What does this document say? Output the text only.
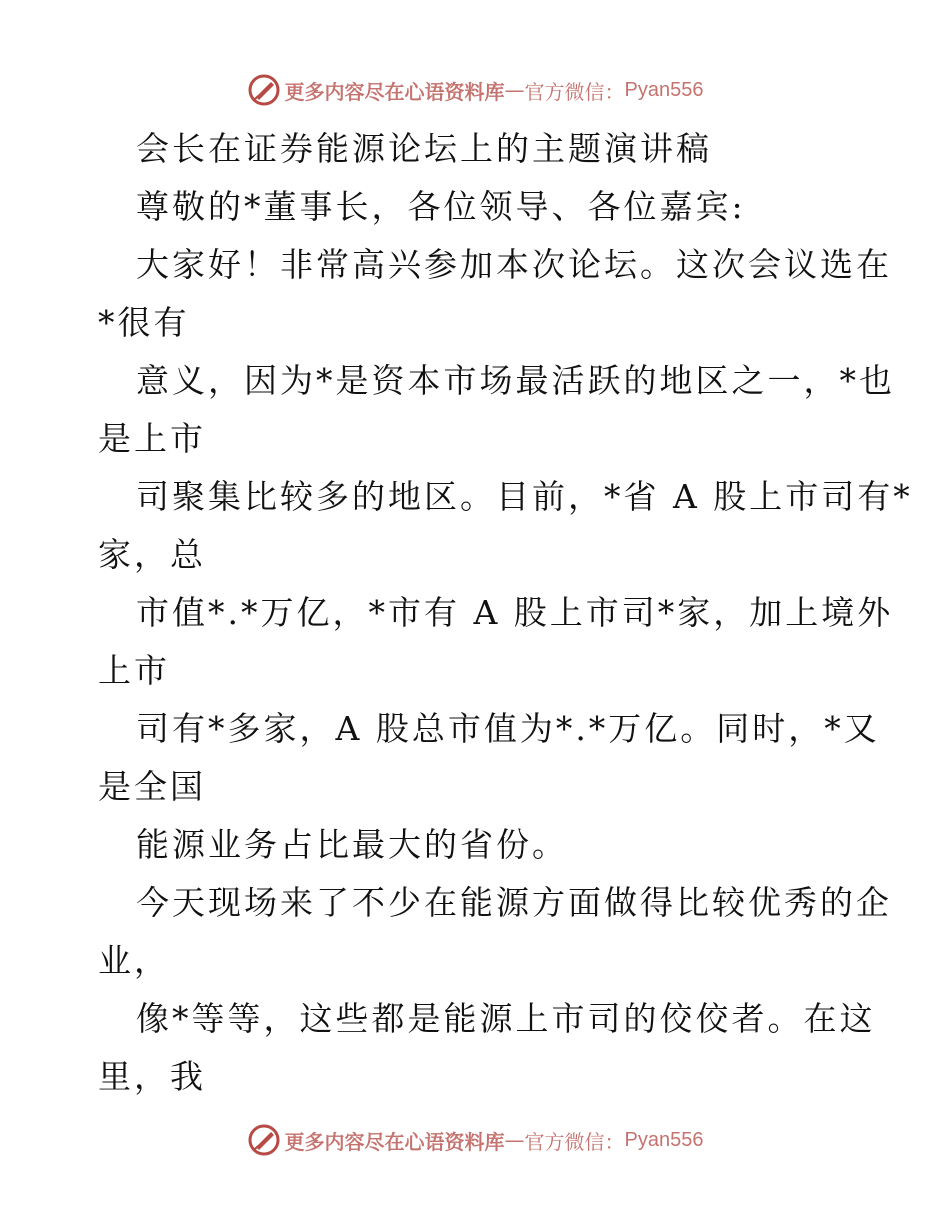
更多内容尽在心语资料库 — 官方微信： Pyan556
会长在证券能源论坛上的主题演讲稿
尊敬的*董事长，各位领导、各位嘉宾:
大家好！非常高兴参加本次论坛。这次会议选在
*很有
意义，因为*是资本市场最活跃的地区之一，*也
是上市
司聚集比较多的地区。目前，*省 A 股上市司有*
家，总
市值*.*万亿，*市有 A 股上市司*家，加上境外
上市
司有*多家，A 股总市值为*.*万亿。同时，*又
是全国
能源业务占比最大的省份。
今天现场来了不少在能源方面做得比较优秀的企
业，
像*等等，这些都是能源上市司的佼佼者。在这
里，我
更多内容尽在心语资料库 — 官方微信： Pyan556
